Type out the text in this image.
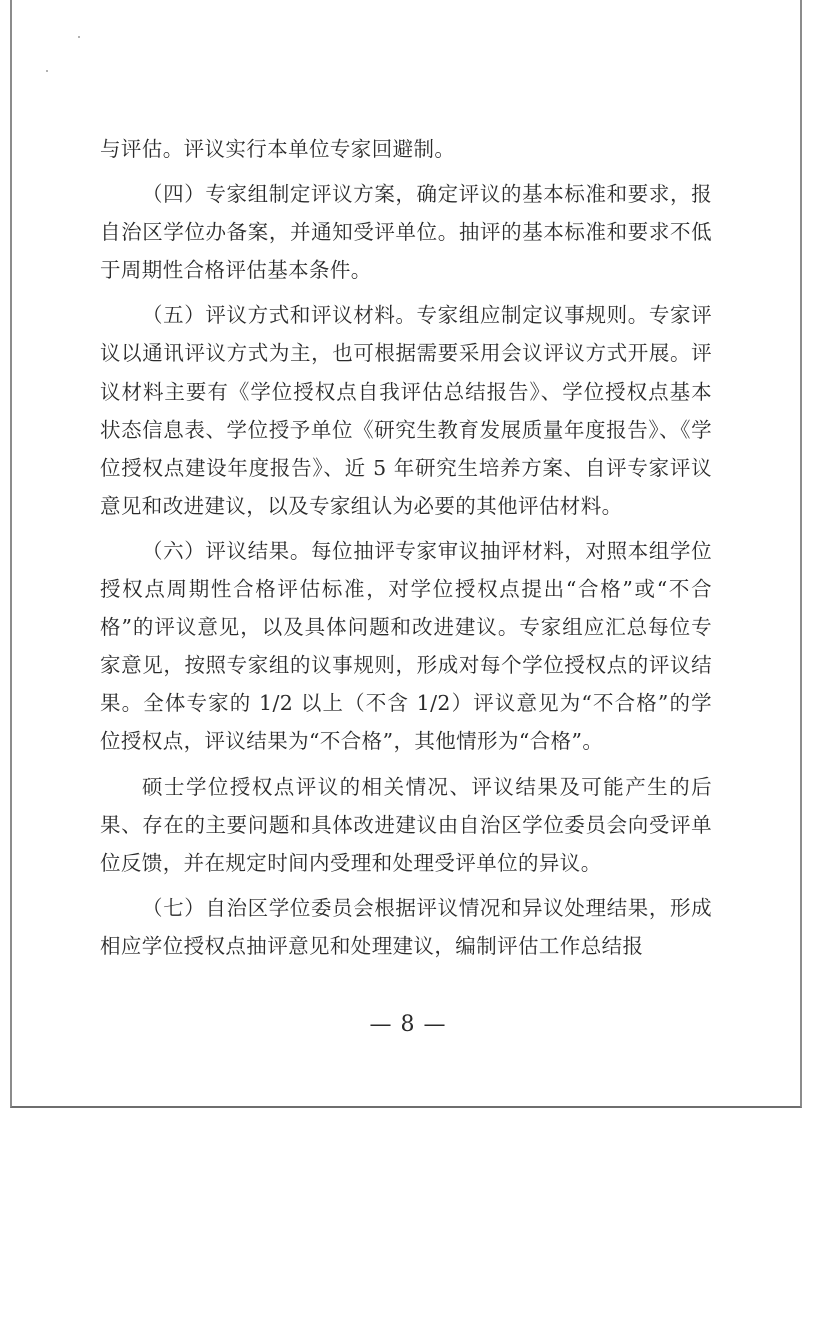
与评估。评议实行本单位专家回避制。

（四）专家组制定评议方案，确定评议的基本标准和要求，报自治区学位办备案，并通知受评单位。抽评的基本标准和要求不低于周期性合格评估基本条件。

（五）评议方式和评议材料。专家组应制定议事规则。专家评议以通讯评议方式为主，也可根据需要采用会议评议方式开展。评议材料主要有《学位授权点自我评估总结报告》、学位授权点基本状态信息表、学位授予单位《研究生教育发展质量年度报告》、《学位授权点建设年度报告》、近 5 年研究生培养方案、自评专家评议意见和改进建议，以及专家组认为必要的其他评估材料。

（六）评议结果。每位抽评专家审议抽评材料，对照本组学位授权点周期性合格评估标准，对学位授权点提出“合格”或“不合格”的评议意见，以及具体问题和改进建议。专家组应汇总每位专家意见，按照专家组的议事规则，形成对每个学位授权点的评议结果。全体专家的 1/2 以上（不含 1/2）评议意见为“不合格”的学位授权点，评议结果为“不合格”，其他情形为“合格”。

硕士学位授权点评议的相关情况、评议结果及可能产生的后果、存在的主要问题和具体改进建议由自治区学位委员会向受评单位反馈，并在规定时间内受理和处理受评单位的异议。

（七）自治区学位委员会根据评议情况和异议处理结果，形成相应学位授权点抽评意见和处理建议，编制评估工作总结报

— 8 —
